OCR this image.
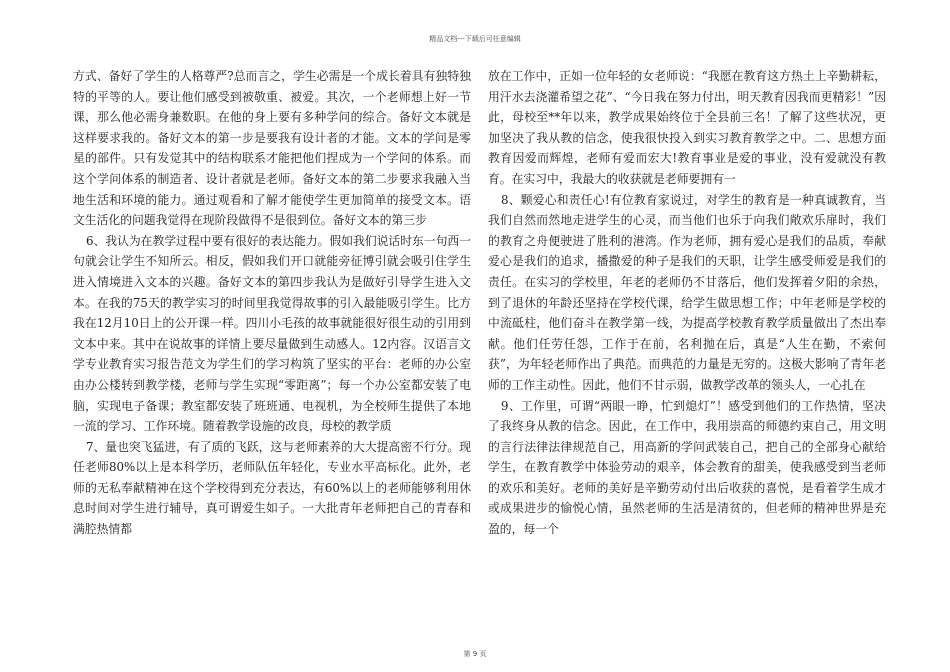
精品文档---下载后可任意编辑

方式、备好了学生的人格尊严?总而言之，学生必需是一个成长着具有独特独特的平等的人。要让他们感受到被敬重、被爱。其次，一个老师想上好一节课，那么他必需身兼数职。在他的身上要有多种学问的综合。备好文本就是这样要求我的。备好文本的第一步是要我有设计者的才能。文本的学问是零星的部件。只有发觉其中的结构联系才能把他们捏成为一个学问的体系。而这个学问体系的制造者、设计者就是老师。备好文本的第二步要求我融入当地生活和环境的能力。通过观看和了解才能使学生更加简单的接受文本。语文生活化的问题我觉得在现阶段做得不是很到位。备好文本的第三步

6、我认为在教学过程中要有很好的表达能力。假如我们说话时东一句西一句就会让学生不知所云。相反，假如我们开口就能旁征博引就会吸引住学生进入情境进入文本的兴趣。备好文本的第四步我认为是做好引导学生进入文本。在我的75天的教学实习的时间里我觉得故事的引入最能吸引学生。比方我在12月10日上的公开课一样。四川小毛孩的故事就能很好很生动的引用到文本中来。其中在说故事的详情上要尽量做到生动感人。12内容。汉语言文学专业教育实习报告范文为学生们的学习构筑了坚实的平台：老师的办公室由办公楼转到教学楼，老师与学生实现“零距离”；每一个办公室都安装了电脑，实现电子备课；教室都安装了班班通、电视机，为全校师生提供了本地一流的学习、工作环境。随着教学设施的改良，母校的教学质

7、量也突飞猛进，有了质的飞跃，这与老师素养的大大提高密不行分。现任老师80%以上是本科学历，老师队伍年轻化，专业水平高标化。此外，老师的无私奉献精神在这个学校得到充分表达，有60%以上的老师能够利用休息时间对学生进行辅导，真可谓爱生如子。一大批青年老师把自己的青春和满腔热情都

放在工作中，正如一位年轻的女老师说：“我愿在教育这方热土上辛勤耕耘，用汗水去浇灌希望之花”、“今日我在努力付出，明天教育因我而更精彩！”因此，母校至**年以来，教学成果始终位于全县前三名！了解了这些状况，更加坚决了我从教的信念，使我很快投入到实习教育教学之中。二、思想方面教育因爱而辉煌，老师有爱而宏大!教育事业是爱的事业，没有爱就没有教育。在实习中，我最大的收获就是老师要拥有一

8、颗爱心和责任心!有位教育家说过，对学生的教育是一种真诚教育，当我们自然而然地走进学生的心灵，而当他们也乐于向我们敞欢乐扉时，我们的教育之舟便驶进了胜利的港湾。作为老师，拥有爱心是我们的品质，奉献爱心是我们的追求，播撒爱的种子是我们的天职，让学生感受师爱是我们的责任。在实习的学校里，年老的老师仍不甘落后，他们发挥着夕阳的余热，到了退休的年龄还坚持在学校代课，给学生做思想工作；中年老师是学校的中流砥柱，他们奋斗在教学第一线，为提高学校教育教学质量做出了杰出奉献。他们任劳任怨，工作于在前，名利抛在后，真是“人生在勤，不索何获”，为年轻老师作出了典范。而典范的力量是无穷的。这极大影响了青年老师的工作主动性。因此，他们不甘示弱，做教学改革的领头人，一心扎在

9、工作里，可谓“两眼一睁，忙到熄灯”！感受到他们的工作热情，坚决了我终身从教的信念。因此，在工作中，我用崇高的师德约束自己，用文明的言行法律法律规范自己，用高新的学问武装自己，把自己的全部身心献给学生，在教育教学中体验劳动的艰辛，体会教育的甜美，使我感受到当老师的欢乐和美好。老师的美好是辛勤劳动付出后收获的喜悦，是看着学生成才或成果进步的愉悦心情，虽然老师的生活是清贫的，但老师的精神世界是充盈的，每一个

第 9 页
